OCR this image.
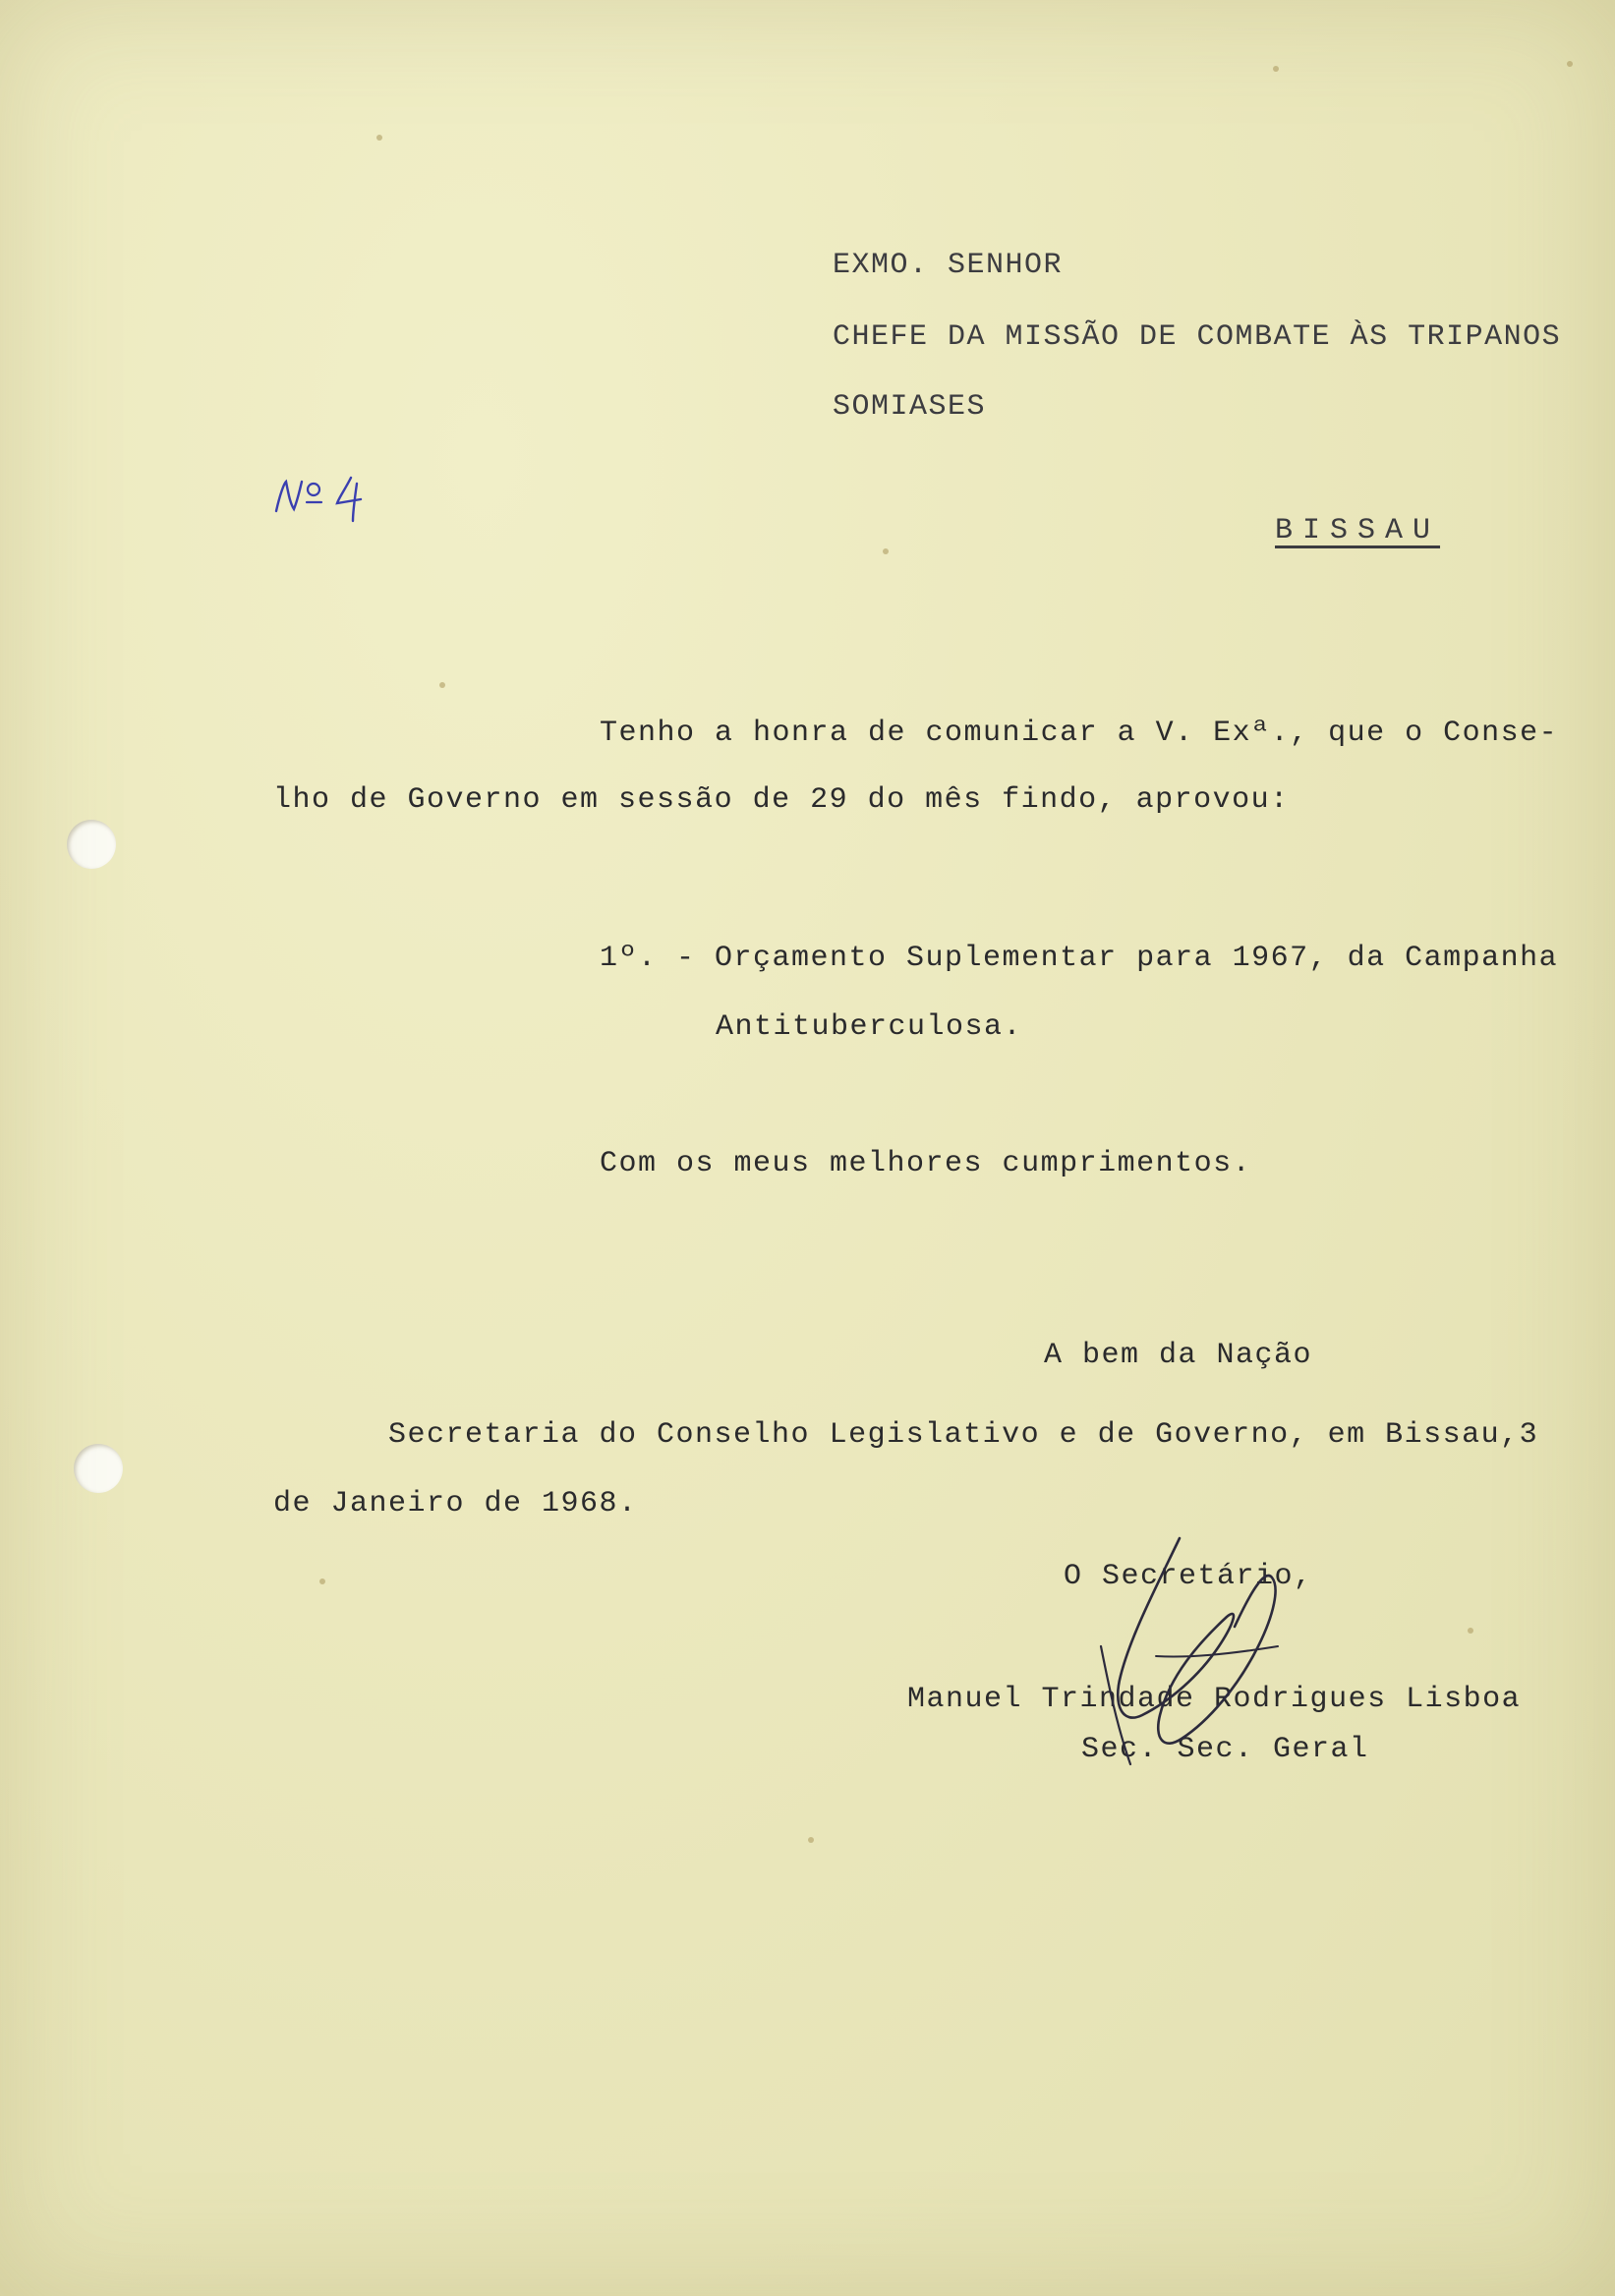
EXMO. SENHOR
CHEFE DA MISSÃO DE COMBATE ÀS TRIPANOS
SOMIASES
BISSAU
Tenho a honra de comunicar a V. Exª., que o Conse-
lho de Governo em sessão de 29 do mês findo, aprovou:
1º. - Orçamento Suplementar para 1967, da Campanha
Antituberculosa.
Com os meus melhores cumprimentos.
A bem da Nação
Secretaria do Conselho Legislativo e de Governo, em Bissau,3
de Janeiro de 1968.
O Secretário,
Manuel Trindade Rodrigues Lisboa
Sec. Sec. Geral
